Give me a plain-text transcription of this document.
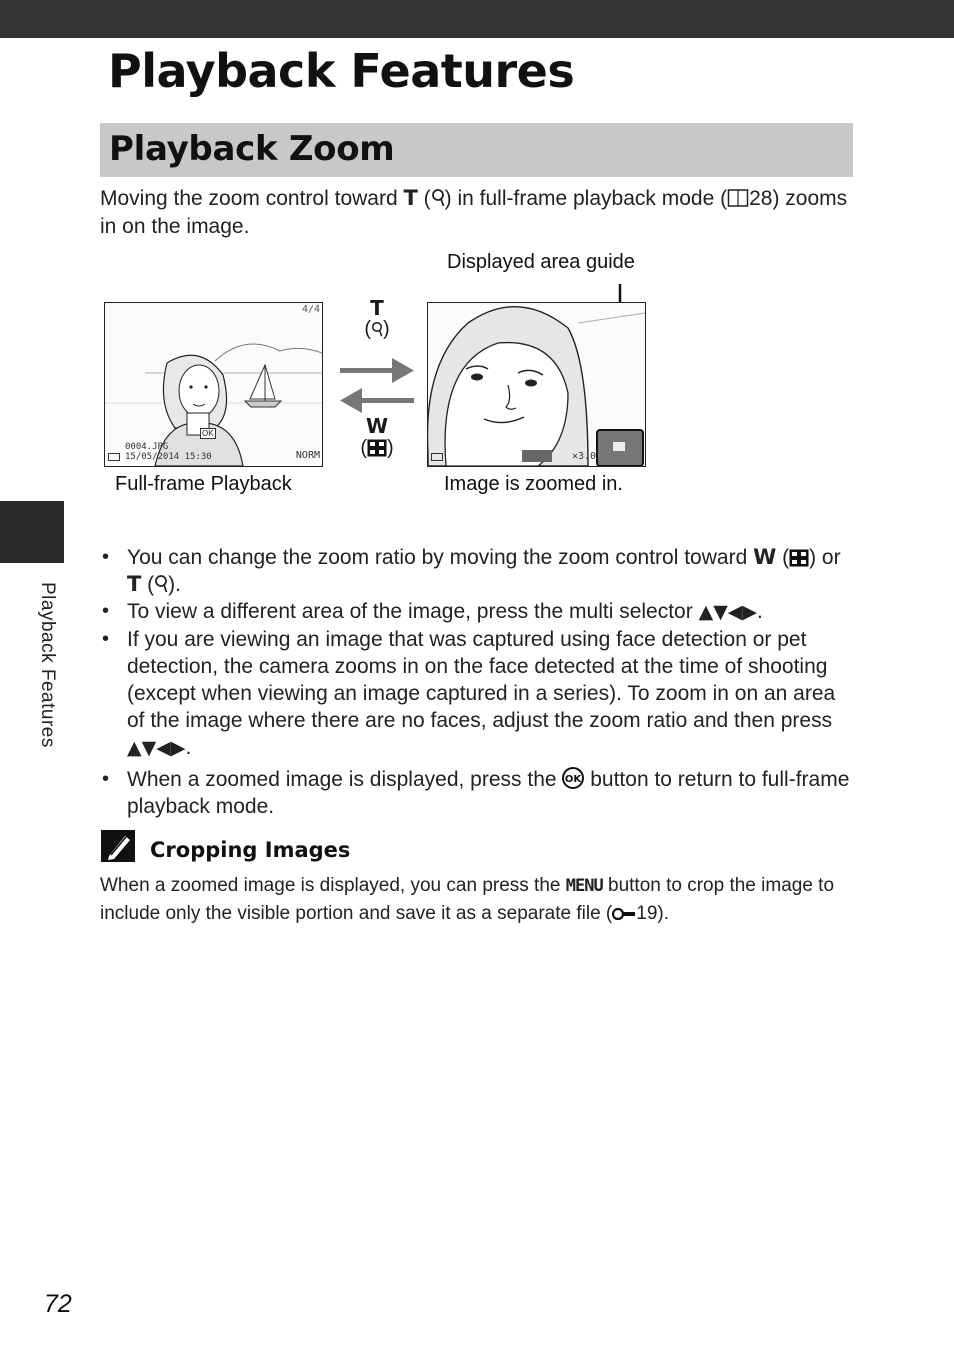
Playback Features
Playback Features
Playback Zoom

Moving the zoom control toward T ( ) in full-frame playback mode ( 28) zooms in on the image.

Displayed area guide
4/4
OK
0004.JPG
15/05/2014 15:30	NORM
T
( )
W
( )	×3.0
Full-frame Playback	Image is zoomed in.
• You can change the zoom ratio by moving the zoom control toward W ( ) or T ( ).
• To view a different area of the image, press the multi selector ▲▼◀▶.
• If you are viewing an image that was captured using face detection or pet detection, the camera zooms in on the face detected at the time of shooting (except when viewing an image captured in a series). To zoom in on an area of the image where there are no faces, adjust the zoom ratio and then press ▲▼◀▶.
• When a zoomed image is displayed, press the OK button to return to full-frame playback mode.
Cropping Images

When a zoomed image is displayed, you can press the MENU button to crop the image to include only the visible portion and save it as a separate file ( 19).

72
